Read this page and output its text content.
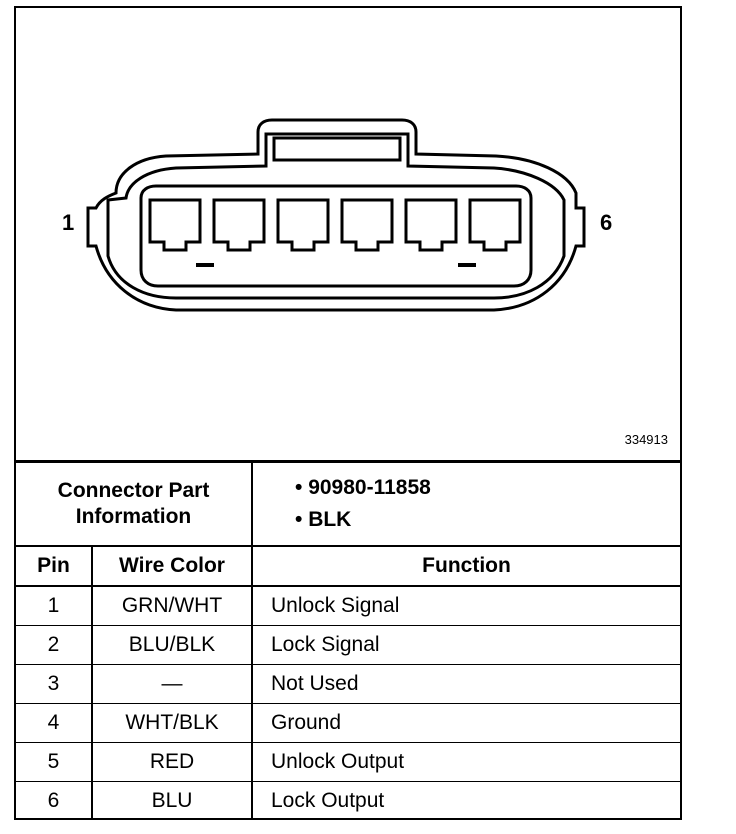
1	6
334913
Connector Part Information		• 90980-11858
• BLK

Pin	Wire Color	Function
1	GRN/WHT	Unlock Signal
2	BLU/BLK	Lock Signal
3	—	Not Used
4	WHT/BLK	Ground
5	RED	Unlock Output
6	BLU	Lock Output
